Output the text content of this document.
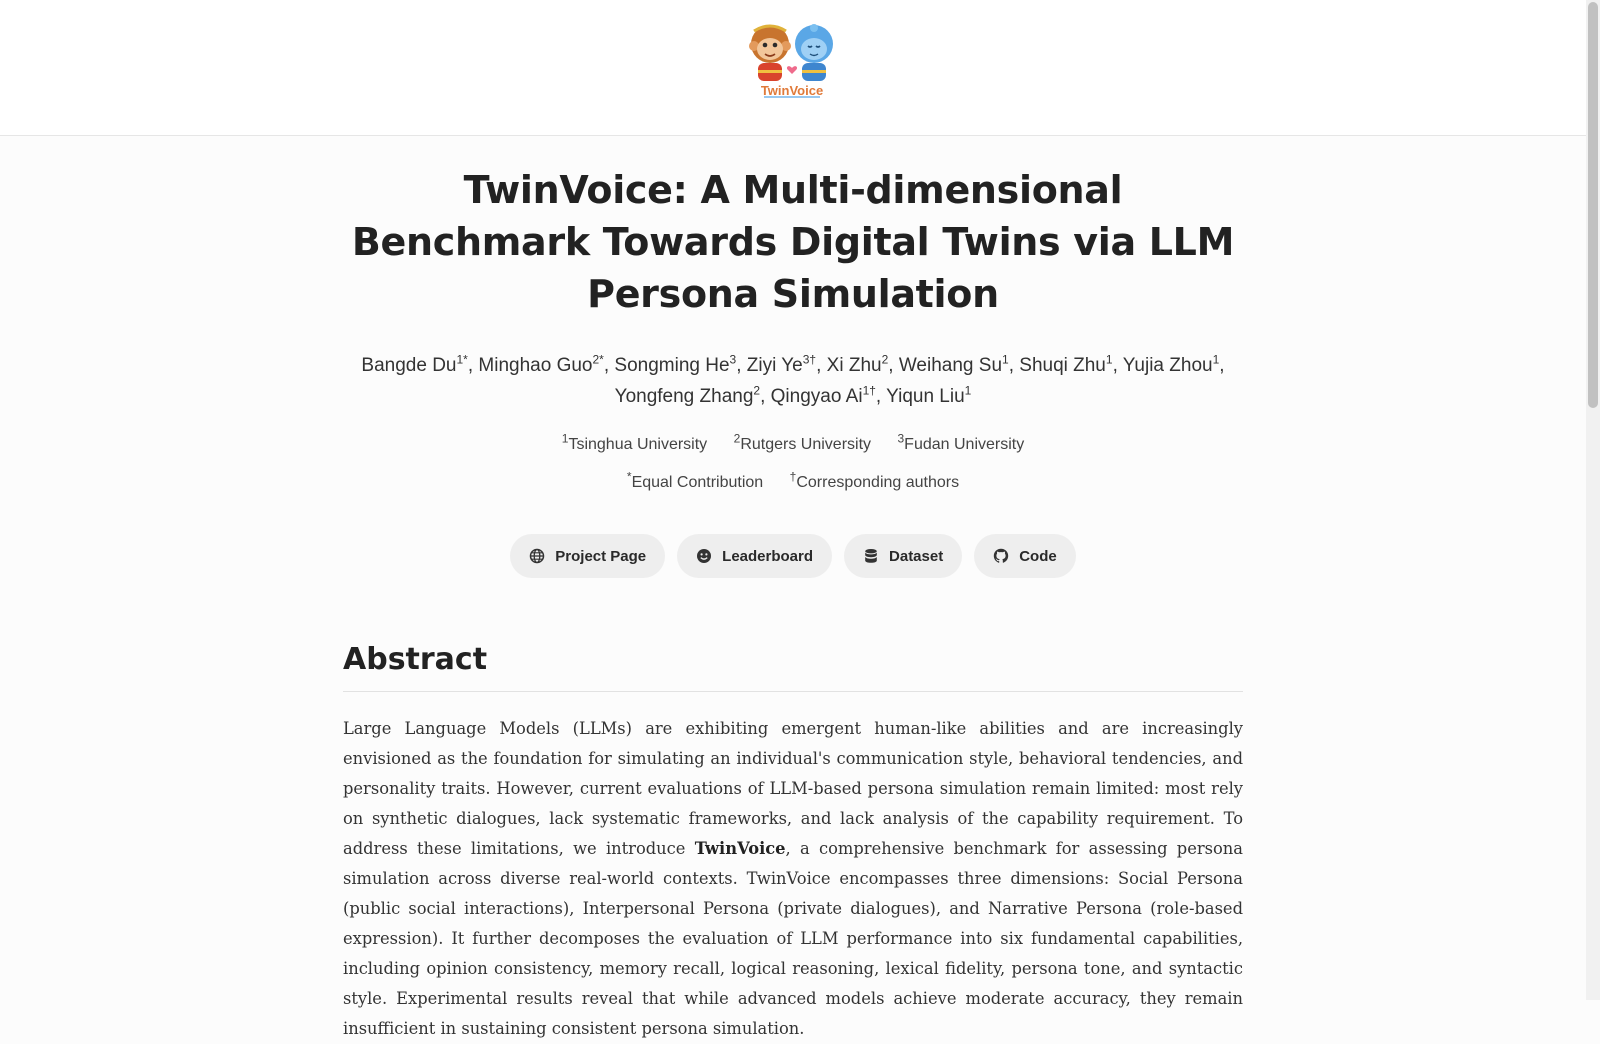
TwinVoice
TwinVoice: A Multi-dimensional Benchmark Towards Digital Twins via LLM Persona Simulation
Bangde $Du^{1*}$, Minghao Guo$^{2*}$, Songming He$^3$, Ziyi $Ye^{3\dagger}$, Xi Zhu$^2$, Weihang Su$^1$, Shuqi Zhu$^1$, Yujia Zhou$^1$,
Yongfeng Zhang$^2$, Qingyao $Ai^{1\dagger}$, Yiqun Liu$^1$
$^1$Tsinghua University $^2$Rutgers University $^3$Fudan University
*Equal Contribution †Corresponding authors
Project Page	Leaderboard	Dataset	Code
Abstract

Large Language Models (LLMs) are exhibiting emergent human-like abilities and are increasingly envisioned as the foundation for simulating an individual's communication style, behavioral tendencies, and personality traits. However, current evaluations of LLM-based persona simulation remain limited: most rely on synthetic dialogues, lack systematic frameworks, and lack analysis of the capability requirement. To address these limitations, we introduce TwinVoice, a comprehensive benchmark for assessing persona simulation across diverse real-world contexts. TwinVoice encompasses three dimensions: Social Persona (public social interactions), Interpersonal Persona (private dialogues), and Narrative Persona (role-based expression). It further decomposes the evaluation of LLM performance into six fundamental capabilities, including opinion consistency, memory recall, logical reasoning, lexical fidelity, persona tone, and syntactic style. Experimental results reveal that while advanced models achieve moderate accuracy, they remain insufficient in sustaining consistent persona simulation.
